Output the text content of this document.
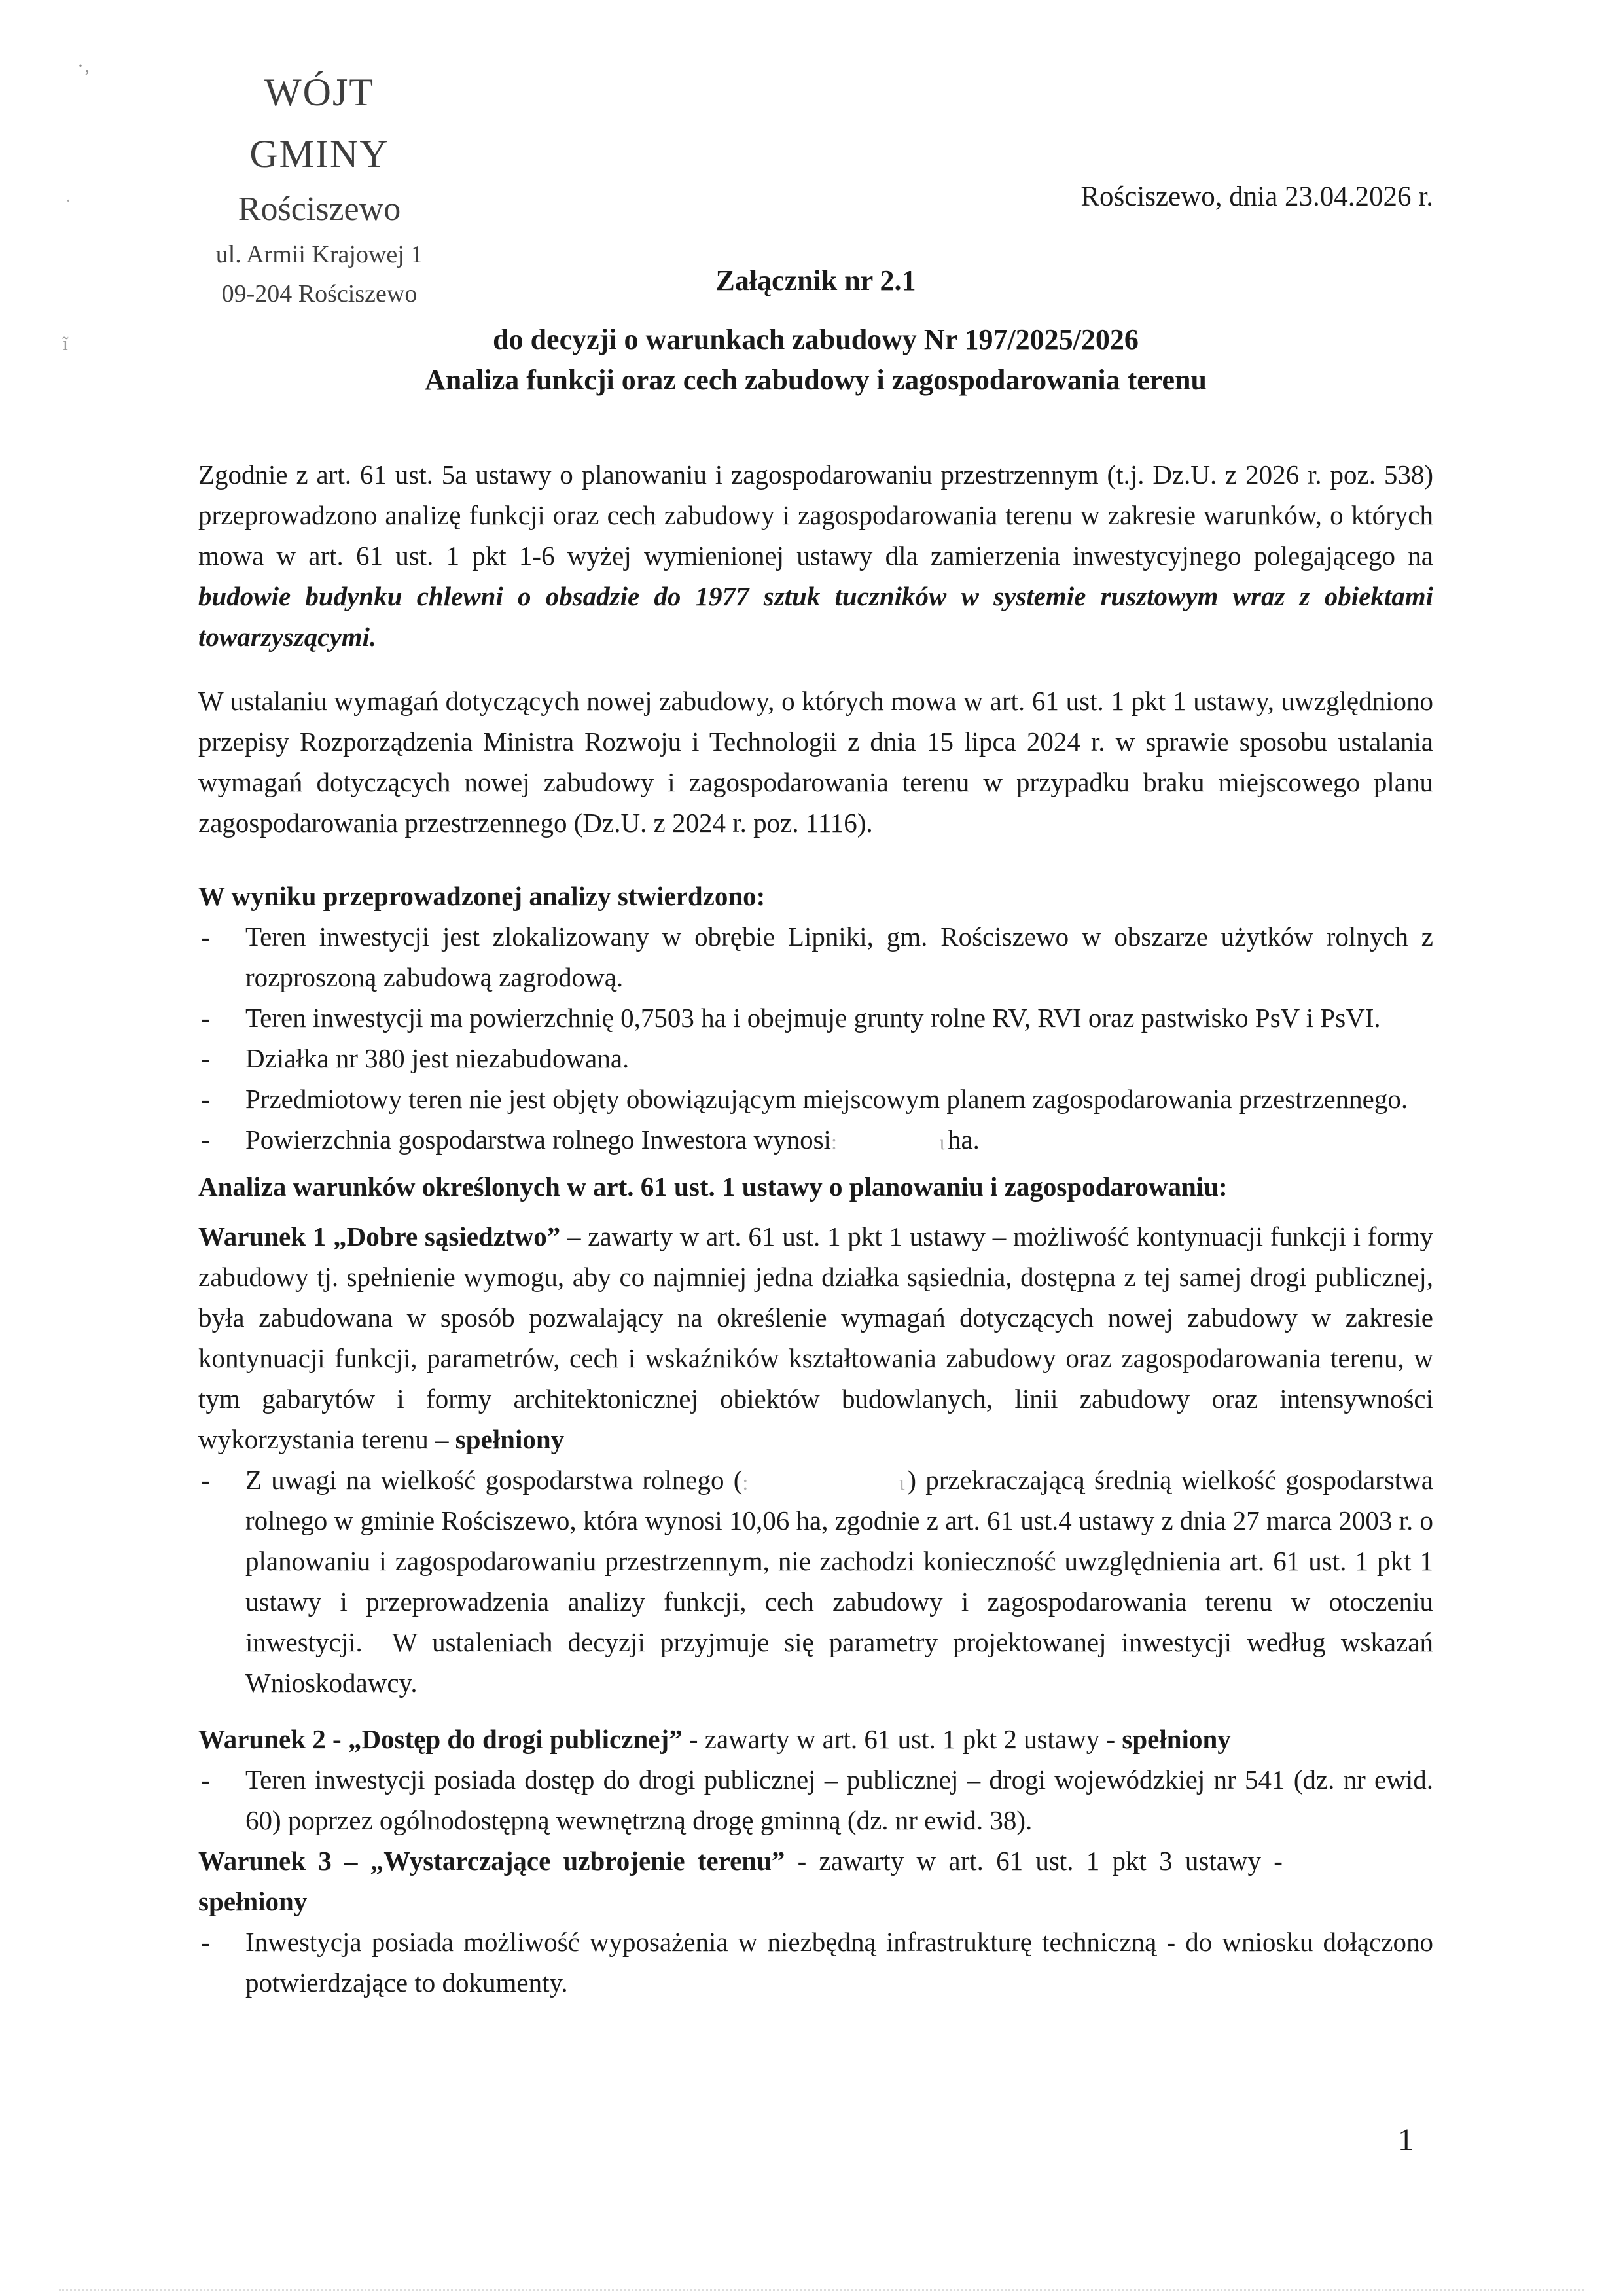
·‚
·
ĩ
WÓJT GMINY
Rościszewo
ul. Armii Krajowej 1
09-204 Rościszewo
Rościszewo, dnia 23.04.2026 r.
Załącznik nr 2.1
do decyzji o warunkach zabudowy Nr 197/2025/2026
Analiza funkcji oraz cech zabudowy i zagospodarowania terenu

Zgodnie z art. 61 ust. 5a ustawy o planowaniu i zagospodarowaniu przestrzennym (t.j. Dz.U. z 2026 r. poz. 538) przeprowadzono analizę funkcji oraz cech zabudowy i zagospodarowania terenu w zakresie warunków, o których mowa w art. 61 ust. 1 pkt 1-6 wyżej wymienionej ustawy dla zamierzenia inwestycyjnego polegającego na budowie budynku chlewni o obsadzie do 1977 sztuk tuczników w systemie rusztowym wraz z obiektami towarzyszącymi.

W ustalaniu wymagań dotyczących nowej zabudowy, o których mowa w art. 61 ust. 1 pkt 1 ustawy, uwzględniono przepisy Rozporządzenia Ministra Rozwoju i Technologii z dnia 15 lipca 2024 r. w sprawie sposobu ustalania wymagań dotyczących nowej zabudowy i zagospodarowania terenu w przypadku braku miejscowego planu zagospodarowania przestrzennego (Dz.U. z 2024 r. poz. 1116).

W wyniku przeprowadzonej analizy stwierdzono:

- Teren inwestycji jest zlokalizowany w obrębie Lipniki, gm. Rościszewo w obszarze użytków rolnych z rozproszoną zabudową zagrodową.
- Teren inwestycji ma powierzchnię 0,7503 ha i obejmuje grunty rolne RV, RVI oraz pastwisko PsV i PsVI.
- Działka nr 380 jest niezabudowana.
- Przedmiotowy teren nie jest objęty obowiązującym miejscowym planem zagospodarowania przestrzennego.
- Powierzchnia gospodarstwa rolnego Inwestora wynosi :	ι ha.

Analiza warunków określonych w art. 61 ust. 1 ustawy o planowaniu i zagospodarowaniu:

Warunek 1 „Dobre sąsiedztwo” – zawarty w art. 61 ust. 1 pkt 1 ustawy – możliwość kontynuacji funkcji i formy zabudowy tj. spełnienie wymogu, aby co najmniej jedna działka sąsiednia, dostępna z tej samej drogi publicznej, była zabudowana w sposób pozwalający na określenie wymagań dotyczących nowej zabudowy w zakresie kontynuacji funkcji, parametrów, cech i wskaźników kształtowania zabudowy oraz zagospodarowania terenu, w tym gabarytów i formy architektonicznej obiektów budowlanych, linii zabudowy oraz intensywności wykorzystania terenu – spełniony

- Z uwagi na wielkość gospodarstwa rolnego ( :	ι ) przekraczającą średnią wielkość gospodarstwa rolnego w gminie Rościszewo, która wynosi 10,06 ha, zgodnie z art. 61 ust.4 ustawy z dnia 27 marca 2003 r. o planowaniu i zagospodarowaniu przestrzennym, nie zachodzi konieczność uwzględnienia art. 61 ust. 1 pkt 1 ustawy i przeprowadzenia analizy funkcji, cech zabudowy i zagospodarowania terenu w otoczeniu inwestycji.  W ustaleniach decyzji przyjmuje się parametry projektowanej inwestycji według wskazań Wnioskodawcy.

Warunek 2 - „Dostęp do drogi publicznej” - zawarty w art. 61 ust. 1 pkt 2 ustawy - spełniony

- Teren inwestycji posiada dostęp do drogi publicznej – publicznej – drogi wojewódzkiej nr 541 (dz. nr ewid. 60) poprzez ogólnodostępną wewnętrzną drogę gminną (dz. nr ewid. 38).

Warunek 3 – „Wystarczające uzbrojenie terenu” - zawarty w art. 61 ust. 1 pkt 3 ustawy -
spełniony

- Inwestycja posiada możliwość wyposażenia w niezbędną infrastrukturę techniczną - do wniosku dołączono potwierdzające to dokumenty.
1
